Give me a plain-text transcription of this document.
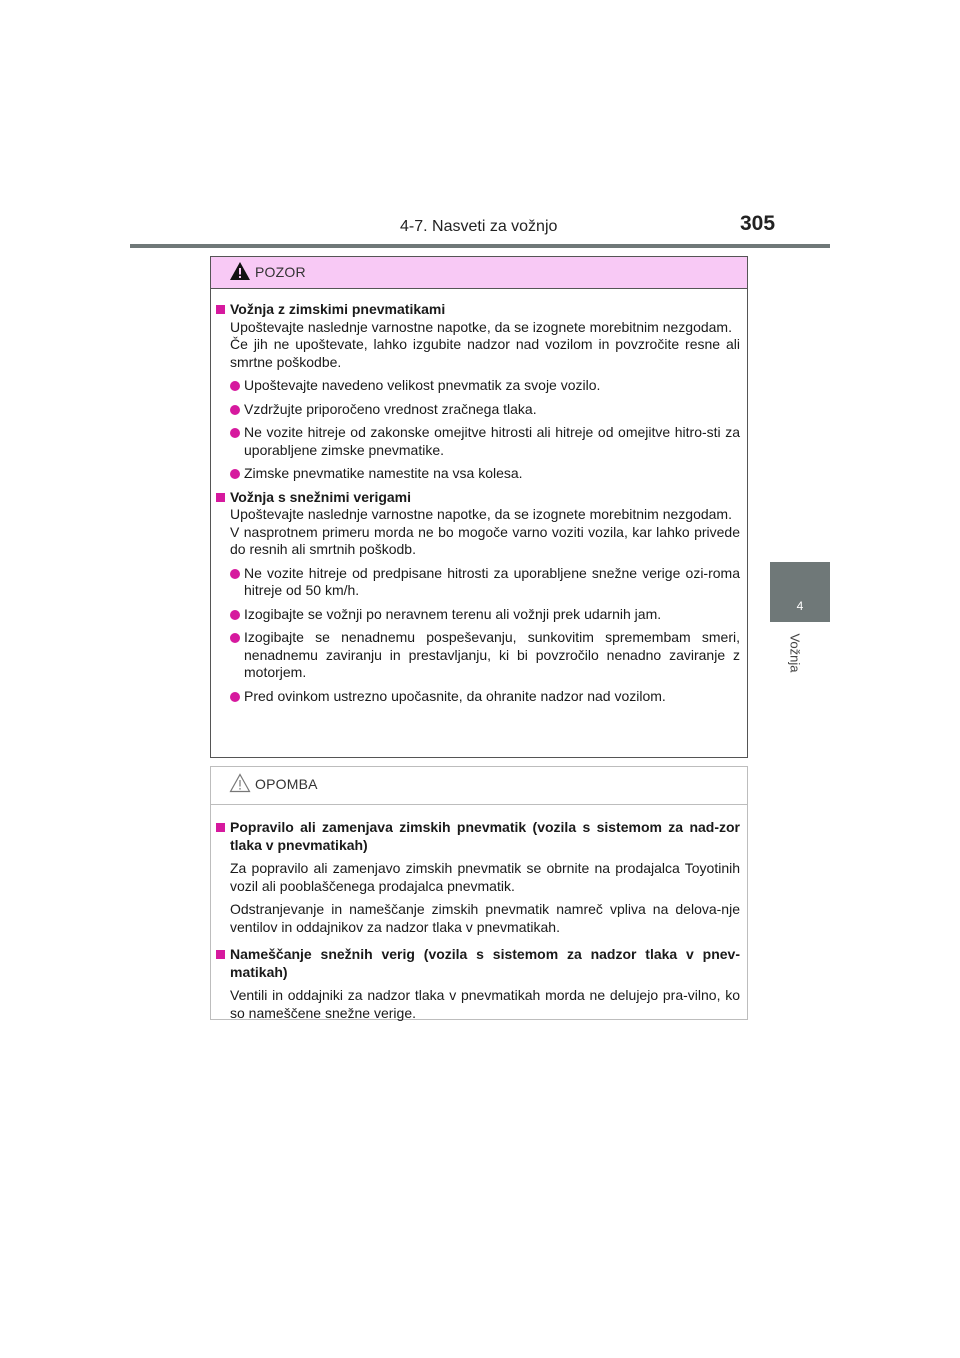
4-7. Nasveti za vožnjo	305
4
Vožnja
POZOR
Vožnja z zimskimi pnevmatikami
Upoštevajte naslednje varnostne napotke, da se izognete morebitnim nezgodam.
Če jih ne upoštevate, lahko izgubite nadzor nad vozilom in povzročite resne ali smrtne poškodbe.
Upoštevajte navedeno velikost pnevmatik za svoje vozilo.
Vzdržujte priporočeno vrednost zračnega tlaka.
Ne vozite hitreje od zakonske omejitve hitrosti ali hitreje od omejitve hitro-sti za uporabljene zimske pnevmatike.
Zimske pnevmatike namestite na vsa kolesa.
Vožnja s snežnimi verigami
Upoštevajte naslednje varnostne napotke, da se izognete morebitnim nezgodam.
V nasprotnem primeru morda ne bo mogoče varno voziti vozila, kar lahko privede do resnih ali smrtnih poškodb.
Ne vozite hitreje od predpisane hitrosti za uporabljene snežne verige ozi-roma hitreje od 50 km/h.
Izogibajte se vožnji po neravnem terenu ali vožnji prek udarnih jam.
Izogibajte se nenadnemu pospeševanju, sunkovitim spremembam smeri, nenadnemu zaviranju in prestavljanju, ki bi povzročilo nenadno zaviranje z motorjem.
Pred ovinkom ustrezno upočasnite, da ohranite nadzor nad vozilom.
OPOMBA
Popravilo ali zamenjava zimskih pnevmatik (vozila s sistemom za nad-zor tlaka v pnevmatikah)
Za popravilo ali zamenjavo zimskih pnevmatik se obrnite na prodajalca Toyotinih vozil ali pooblaščenega prodajalca pnevmatik.
Odstranjevanje in nameščanje zimskih pnevmatik namreč vpliva na delova-nje ventilov in oddajnikov za nadzor tlaka v pnevmatikah.
Nameščanje snežnih verig (vozila s sistemom za nadzor tlaka v pnev-matikah)
Ventili in oddajniki za nadzor tlaka v pnevmatikah morda ne delujejo pra-vilno, ko so nameščene snežne verige.
